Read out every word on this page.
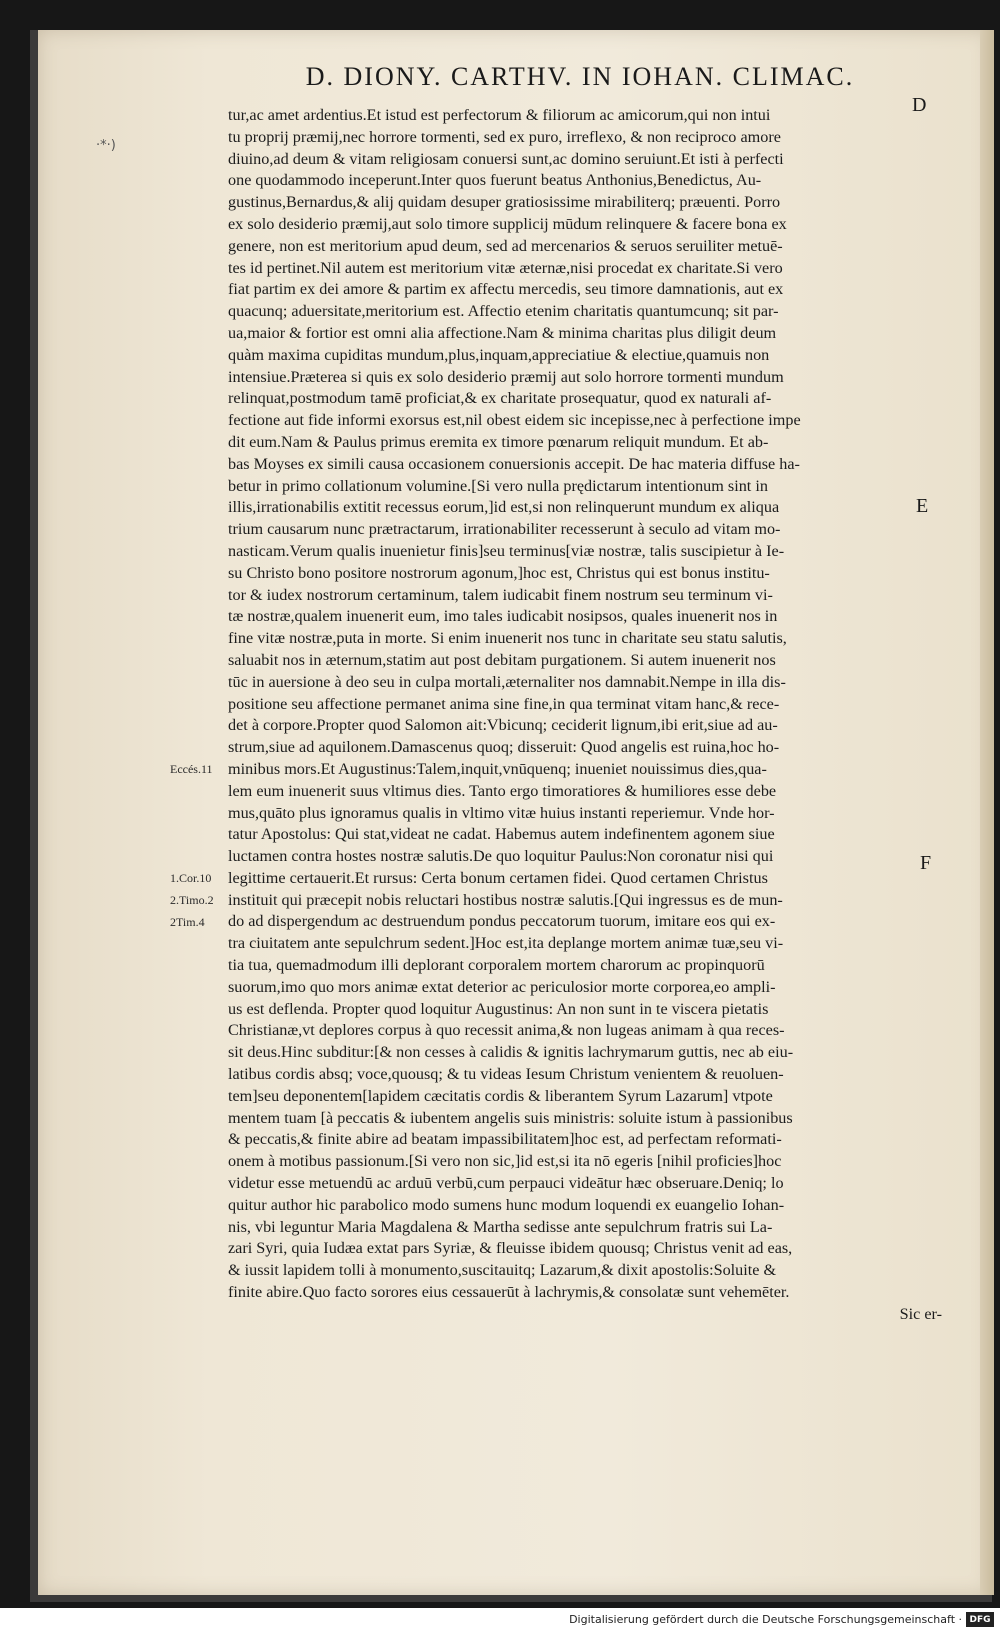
·*·)
D. DIONY. CARTHV. IN IOHAN. CLIMAC.
D
E
F
Eccés.11
1.Cor.10
2.Timo.2
2Tim.4
tur,ac amet ardentius.Et istud est perfectorum & filiorum ac amicorum,qui non intui
tu proprij præmij,nec horrore tormenti, sed ex puro, irreflexo, & non reciproco amore
diuino,ad deum & vitam religiosam conuersi sunt,ac domino seruiunt.Et isti à perfecti
one quodammodo inceperunt.Inter quos fuerunt beatus Anthonius,Benedictus, Au-
gustinus,Bernardus,& alij quidam desuper gratiosissime mirabiliterq; præuenti. Porro
ex solo desiderio præmij,aut solo timore supplicij mūdum relinquere & facere bona ex
genere, non est meritorium apud deum, sed ad mercenarios & seruos seruiliter metuē-
tes id pertinet.Nil autem est meritorium vitæ æternæ,nisi procedat ex charitate.Si vero
fiat partim ex dei amore & partim ex affectu mercedis, seu timore damnationis, aut ex
quacunq; aduersitate,meritorium est. Affectio etenim charitatis quantumcunq; sit par-
ua,maior & fortior est omni alia affectione.Nam & minima charitas plus diligit deum
quàm maxima cupiditas mundum,plus,inquam,appreciatiue & electiue,quamuis non
intensiue.Præterea si quis ex solo desiderio præmij aut solo horrore tormenti mundum
relinquat,postmodum tamē proficiat,& ex charitate prosequatur, quod ex naturali af-
fectione aut fide informi exorsus est,nil obest eidem sic incepisse,nec à perfectione impe
dit eum.Nam & Paulus primus eremita ex timore pœnarum reliquit mundum. Et ab-
bas Moyses ex simili causa occasionem conuersionis accepit. De hac materia diffuse ha-
betur in primo collationum volumine.[Si vero nulla prędictarum intentionum sint in
illis,irrationabilis extitit recessus eorum,]id est,si non relinquerunt mundum ex aliqua
trium causarum nunc prætractarum, irrationabiliter recesserunt à seculo ad vitam mo-
nasticam.Verum qualis inuenietur finis]seu terminus[viæ nostræ, talis suscipietur à Ie-
su Christo bono positore nostrorum agonum,]hoc est, Christus qui est bonus institu-
tor & iudex nostrorum certaminum, talem iudicabit finem nostrum seu terminum vi-
tæ nostræ,qualem inuenerit eum, imo tales iudicabit nosipsos, quales inuenerit nos in
fine vitæ nostræ,puta in morte. Si enim inuenerit nos tunc in charitate seu statu salutis,
saluabit nos in æternum,statim aut post debitam purgationem. Si autem inuenerit nos
tūc in auersione à deo seu in culpa mortali,æternaliter nos damnabit.Nempe in illa dis-
positione seu affectione permanet anima sine fine,in qua terminat vitam hanc,& rece-
det à corpore.Propter quod Salomon ait:Vbicunq; ceciderit lignum,ibi erit,siue ad au-
strum,siue ad aquilonem.Damascenus quoq; disseruit: Quod angelis est ruina,hoc ho-
minibus mors.Et Augustinus:Talem,inquit,vnūquenq; inueniet nouissimus dies,qua-
lem eum inuenerit suus vltimus dies. Tanto ergo timoratiores & humiliores esse debe
mus,quāto plus ignoramus qualis in vltimo vitæ huius instanti reperiemur. Vnde hor-
tatur Apostolus: Qui stat,videat ne cadat. Habemus autem indefinentem agonem siue
luctamen contra hostes nostræ salutis.De quo loquitur Paulus:Non coronatur nisi qui
legittime certauerit.Et rursus: Certa bonum certamen fidei. Quod certamen Christus
instituit qui præcepit nobis reluctari hostibus nostræ salutis.[Qui ingressus es de mun-
do ad dispergendum ac destruendum pondus peccatorum tuorum, imitare eos qui ex-
tra ciuitatem ante sepulchrum sedent.]Hoc est,ita deplange mortem animæ tuæ,seu vi-
tia tua, quemadmodum illi deplorant corporalem mortem charorum ac propinquorū
suorum,imo quo mors animæ extat deterior ac periculosior morte corporea,eo ampli-
us est deflenda. Propter quod loquitur Augustinus: An non sunt in te viscera pietatis
Christianæ,vt deplores corpus à quo recessit anima,& non lugeas animam à qua reces-
sit deus.Hinc subditur:[& non cesses à calidis & ignitis lachrymarum guttis, nec ab eiu-
latibus cordis absq; voce,quousq; & tu videas Iesum Christum venientem & reuoluen-
tem]seu deponentem[lapidem cæcitatis cordis & liberantem Syrum Lazarum] vtpote
mentem tuam [à peccatis & iubentem angelis suis ministris: soluite istum à passionibus
& peccatis,& finite abire ad beatam impassibilitatem]hoc est, ad perfectam reformati-
onem à motibus passionum.[Si vero non sic,]id est,si ita nō egeris [nihil proficies]hoc
videtur esse metuendū ac arduū verbū,cum perpauci videātur hæc obseruare.Deniq; lo
quitur author hic parabolico modo sumens hunc modum loquendi ex euangelio Iohan-
nis, vbi leguntur Maria Magdalena & Martha sedisse ante sepulchrum fratris sui La-
zari Syri, quia Iudæa extat pars Syriæ, & fleuisse ibidem quousq; Christus venit ad eas,
& iussit lapidem tolli à monumento,suscitauitq; Lazarum,& dixit apostolis:Soluite &
finite abire.Quo facto sorores eius cessauerūt à lachrymis,& consolatæ sunt vehemēter.
Sic er-
Digitalisierung gefördert durch die Deutsche Forschungsgemeinschaft · DFG
